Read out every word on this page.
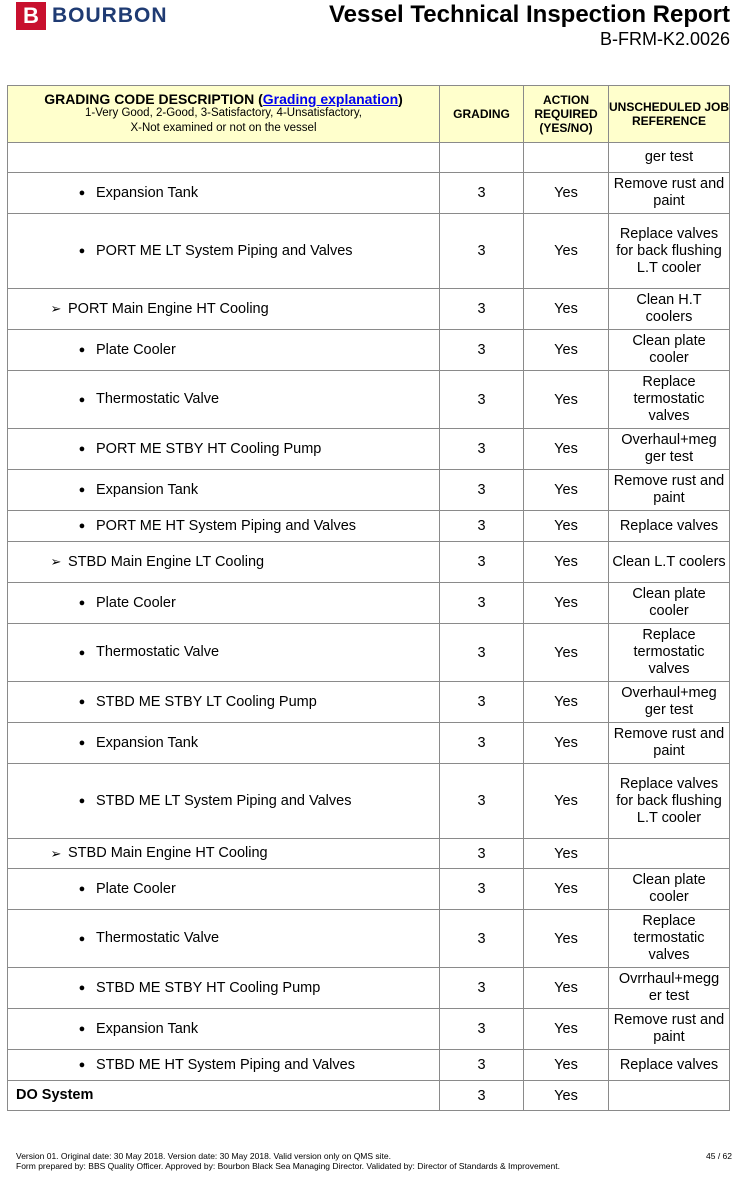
B BOURBON	Vessel Technical Inspection Report
B-FRM-K2.0026
GRADING CODE DESCRIPTION (Grading explanation)
1-Very Good, 2-Good, 3-Satisfactory, 4-Unsatisfactory,
X-Not examined or not on the vessel	GRADING	ACTION REQUIRED (YES/NO)	UNSCHEDULED JOB REFERENCE
			ger test
● Expansion Tank	3	Yes	Remove rust and paint
● PORT ME LT System Piping and Valves	3	Yes	Replace valves for back flushing L.T cooler
➢ PORT Main Engine HT Cooling	3	Yes	Clean H.T coolers
● Plate Cooler	3	Yes	Clean plate cooler
● Thermostatic Valve	3	Yes	Replace termostatic valves
● PORT ME STBY HT Cooling Pump	3	Yes	Overhaul+meg ger test
● Expansion Tank	3	Yes	Remove rust and paint
● PORT ME HT System Piping and Valves	3	Yes	Replace valves
➢ STBD Main Engine LT Cooling	3	Yes	Clean L.T coolers
● Plate Cooler	3	Yes	Clean plate cooler
● Thermostatic Valve	3	Yes	Replace termostatic valves
● STBD ME STBY LT Cooling Pump	3	Yes	Overhaul+meg ger test
● Expansion Tank	3	Yes	Remove rust and paint
● STBD ME LT System Piping and Valves	3	Yes	Replace valves for back flushing L.T cooler
➢ STBD Main Engine HT Cooling	3	Yes	
● Plate Cooler	3	Yes	Clean plate cooler
● Thermostatic Valve	3	Yes	Replace termostatic valves
● STBD ME STBY HT Cooling Pump	3	Yes	Ovrrhaul+megg er test
● Expansion Tank	3	Yes	Remove rust and paint
● STBD ME HT System Piping and Valves	3	Yes	Replace valves
DO System	3	Yes	
Version 01. Original date: 30 May 2018. Version date: 30 May 2018. Valid version only on QMS site.
Form prepared by: BBS Quality Officer. Approved by: Bourbon Black Sea Managing Director. Validated by: Director of Standards & Improvement.
45 / 62
